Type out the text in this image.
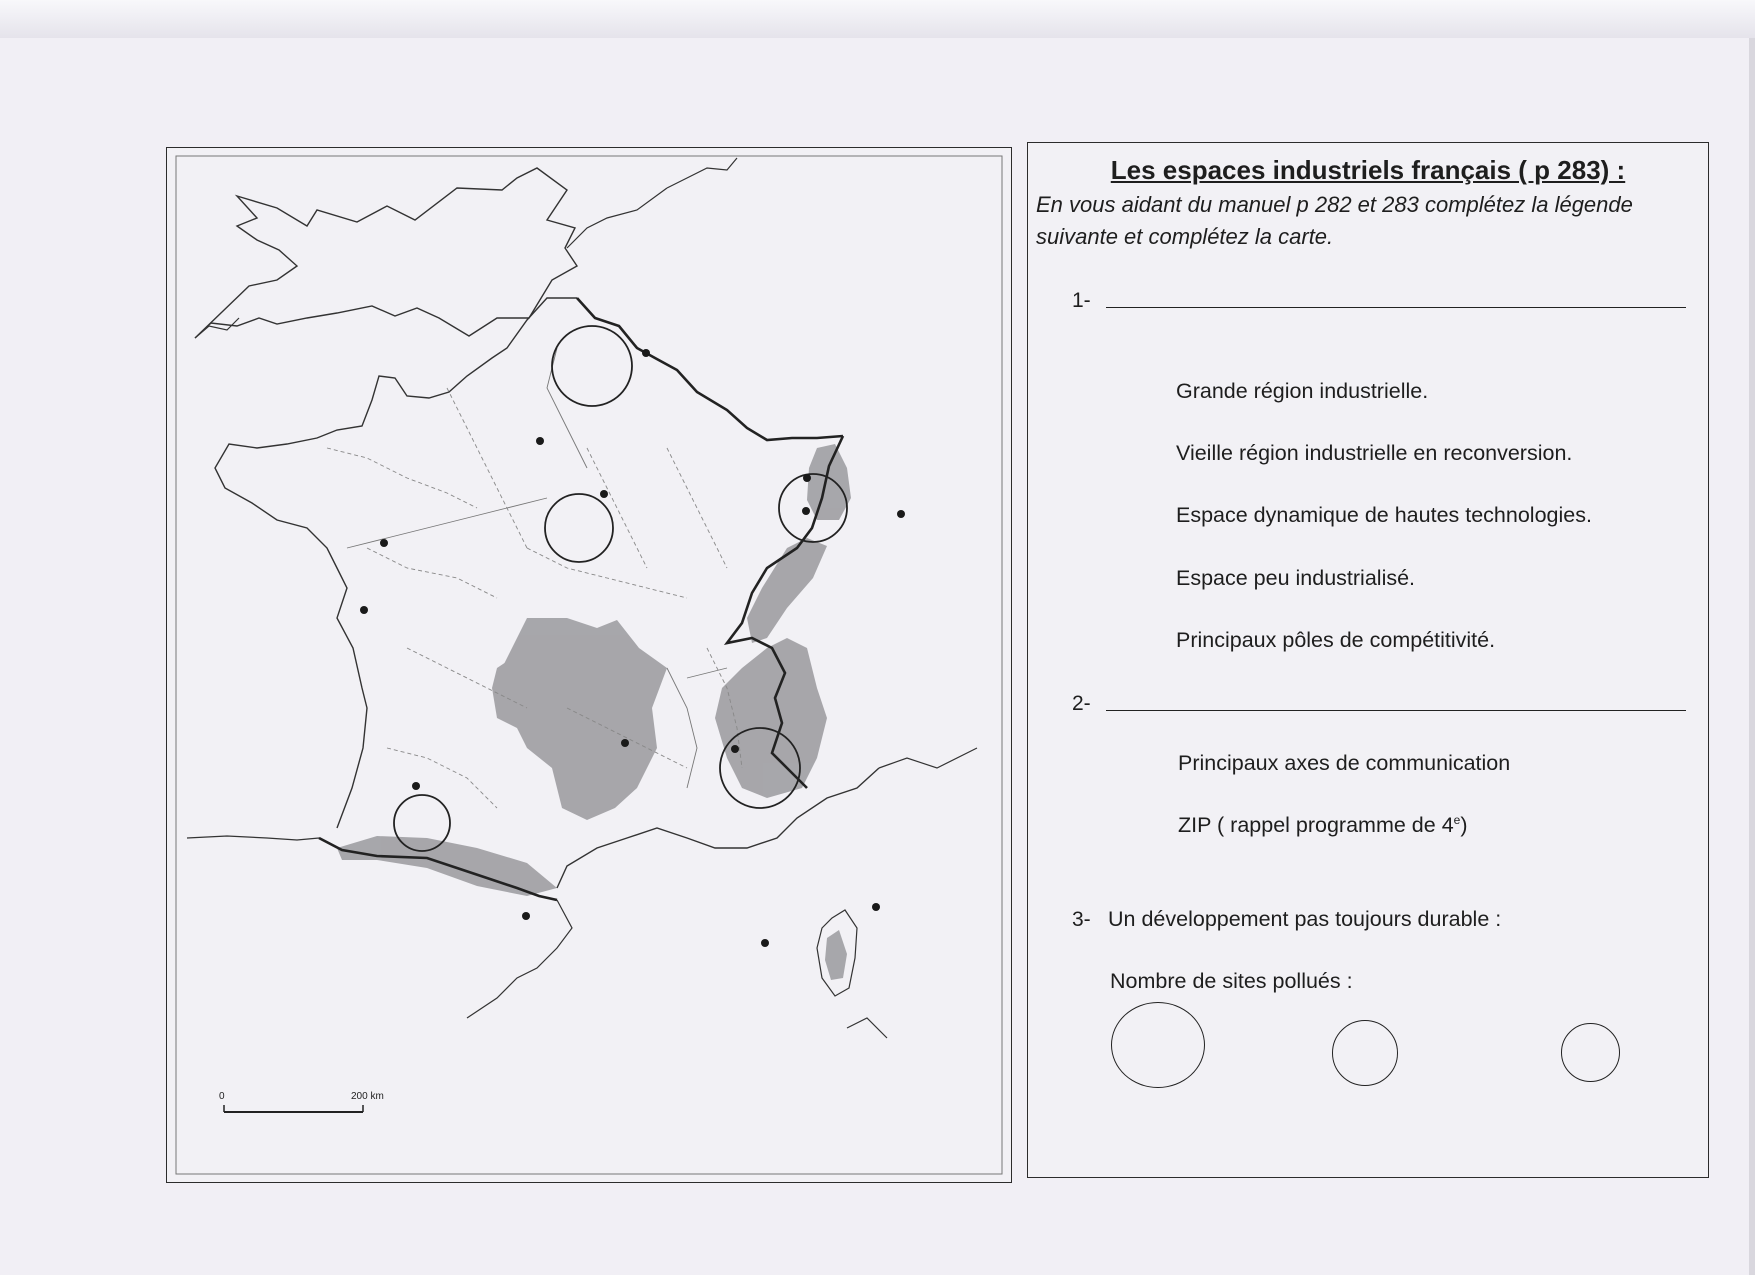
0	200 km
Les espaces industriels français ( p 283) :
En vous aidant du manuel p 282 et 283 complétez la légende suivante et complétez la carte.
1-
Grande région industrielle.
Vieille région industrielle en reconversion.
Espace dynamique de hautes technologies.
Espace peu industrialisé.
Principaux pôles de compétitivité.
2-
Principaux axes de communication
ZIP ( rappel programme de 4e)
3- Un développement pas toujours durable :
Nombre de sites pollués :
